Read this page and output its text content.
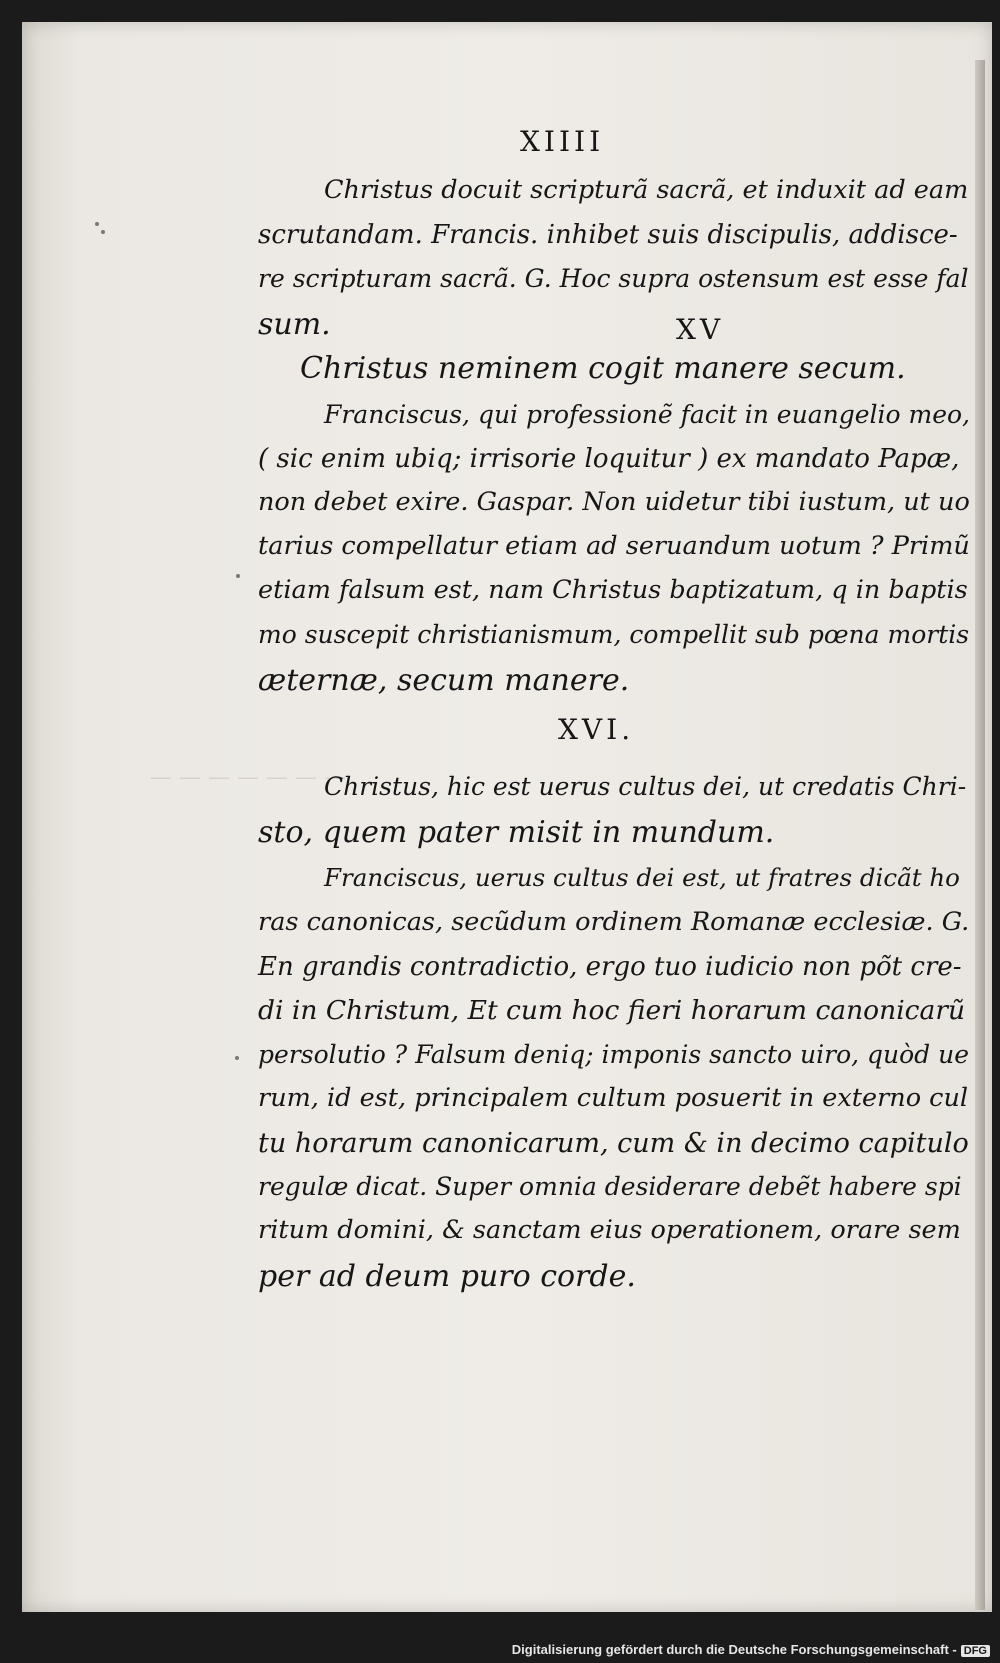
— — — — — — —
XIIII
Christus docuit scripturã sacrã, et induxit ad eam
scrutandam. Francis. inhibet suis discipulis, addisce-
re scripturam sacrã. G. Hoc supra ostensum est esse fal
sum.	XV
Christus neminem cogit manere secum.
Franciscus, qui professionẽ facit in euangelio meo,
( sic enim ubiq; irrisorie loquitur ) ex mandato Papæ,
non debet exire. Gaspar. Non uidetur tibi iustum, ut uo
tarius compellatur etiam ad seruandum uotum ? Primũ
etiam falsum est, nam Christus baptizatum, q in baptis
mo suscepit christianismum, compellit sub pœna mortis
æternæ, secum manere.
XVI.
Christus, hic est uerus cultus dei, ut credatis Chri-
sto, quem pater misit in mundum.
Franciscus, uerus cultus dei est, ut fratres dicãt ho
ras canonicas, secũdum ordinem Romanæ ecclesiæ. G.
En grandis contradictio, ergo tuo iudicio non põt cre-
di in Christum, Et cum hoc fieri horarum canonicarũ
persolutio ? Falsum deniq; imponis sancto uiro, quòd ue
rum, id est, principalem cultum posuerit in externo cul
tu horarum canonicarum, cum & in decimo capitulo
regulæ dicat. Super omnia desiderare debẽt habere spi
ritum domini, & sanctam eius operationem, orare sem
per ad deum puro corde.
Digitalisierung gefördert durch die Deutsche Forschungsgemeinschaft - DFG
